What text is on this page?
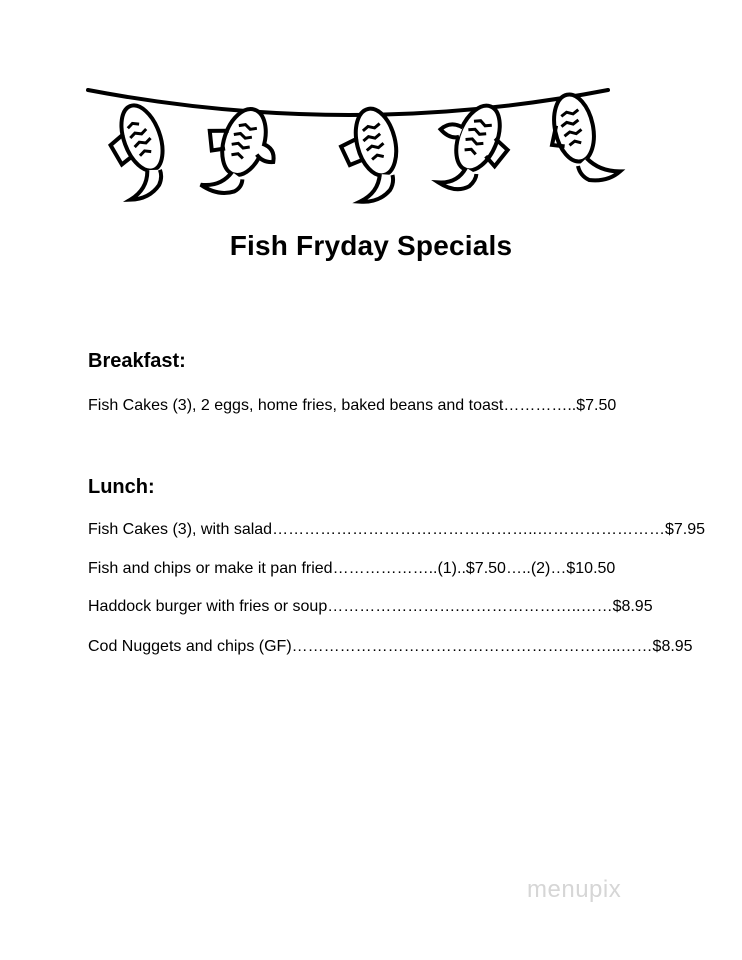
Fish Fryday Specials
Breakfast:
Fish Cakes (3), 2 eggs, home fries, baked beans and toast…………..$7.50
Lunch:
Fish Cakes (3), with salad…………………………………………..……………………$7.95
Fish and chips or make it pan fried………………..(1)..$7.50…..(2)…$10.50
Haddock burger with fries or soup…………………….…………………..……$8.95
Cod Nuggets and chips (GF)……………………………………………………..……$8.95
menupix
